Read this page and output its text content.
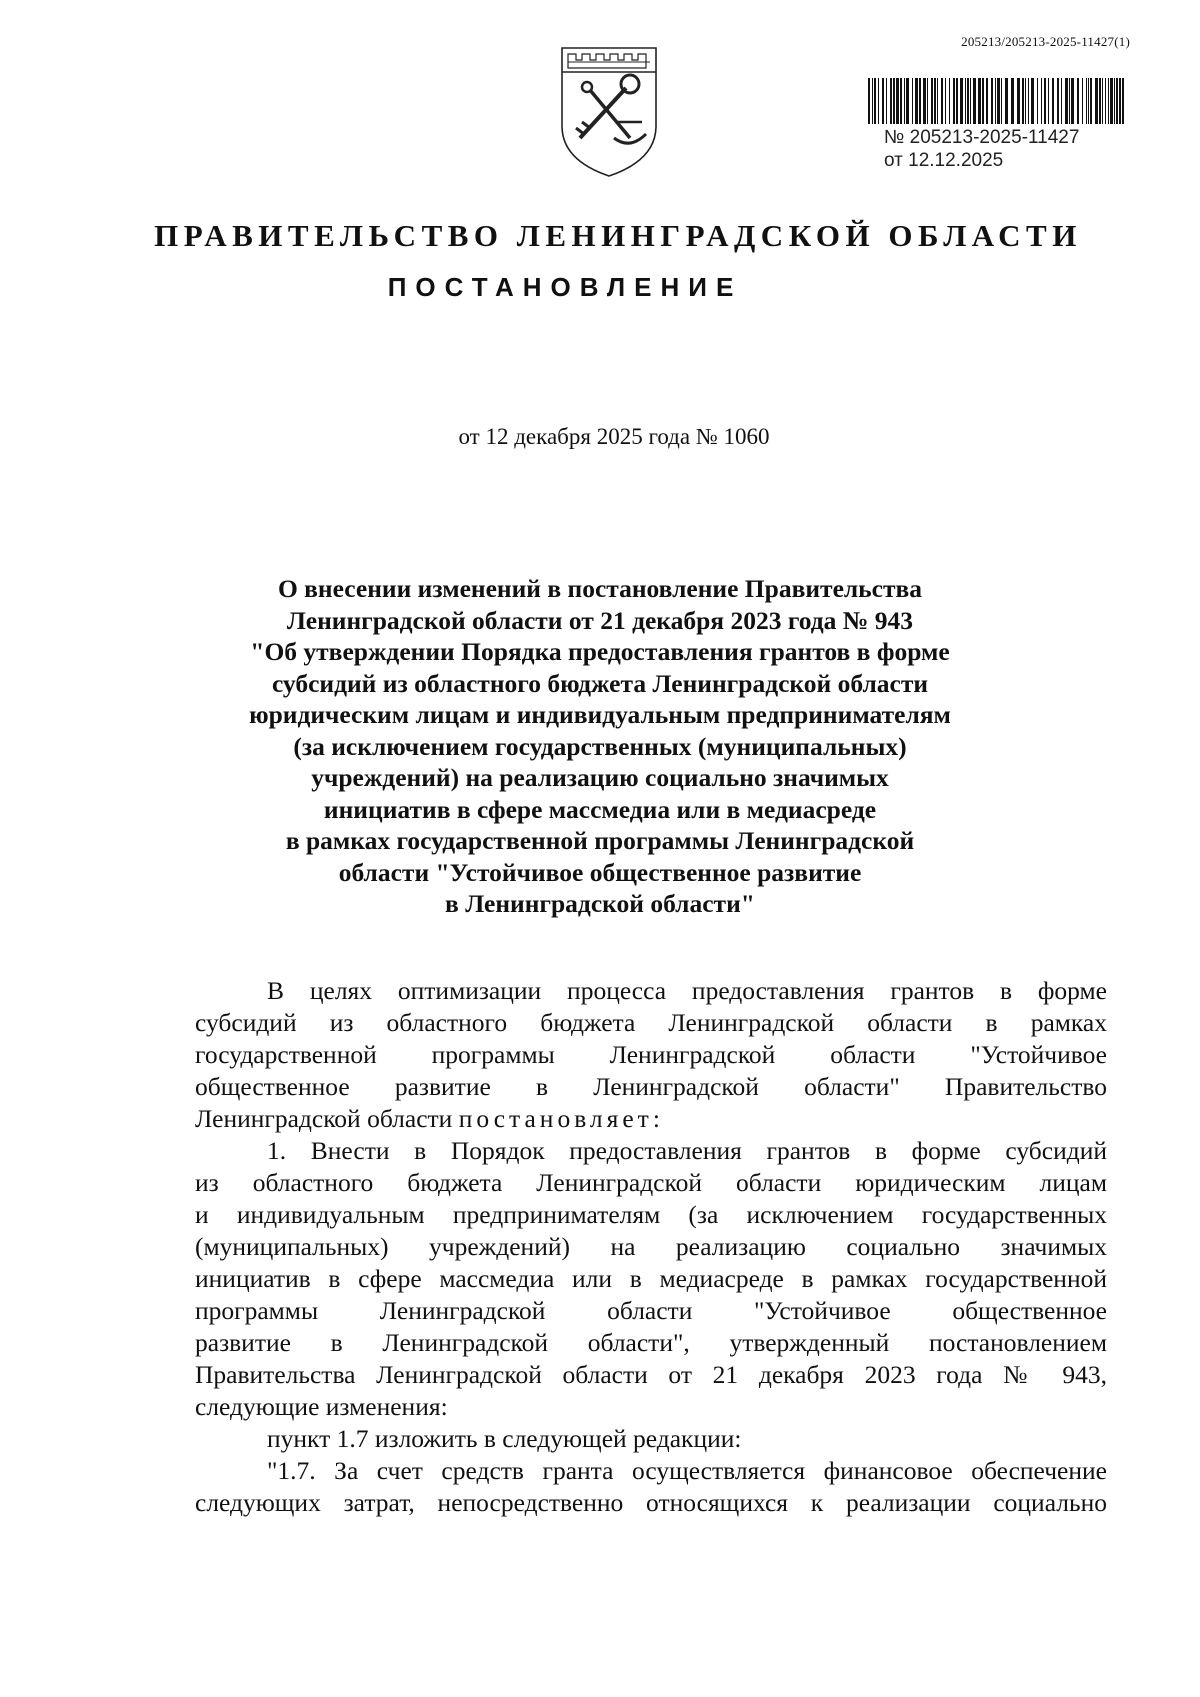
205213/205213-2025-11427(1)
№ 205213-2025-11427
от 12.12.2025
ПРАВИТЕЛЬСТВО ЛЕНИНГРАДСКОЙ ОБЛАСТИ
ПОСТАНОВЛЕНИЕ
от 12 декабря 2025 года № 1060
О внесении изменений в постановление Правительства
Ленинградской области от 21 декабря 2023 года № 943
"Об утверждении Порядка предоставления грантов в форме
субсидий из областного бюджета Ленинградской области
юридическим лицам и индивидуальным предпринимателям
(за исключением государственных (муниципальных)
учреждений) на реализацию социально значимых
инициатив в сфере массмедиа или в медиасреде
в рамках государственной программы Ленинградской
области "Устойчивое общественное развитие
в Ленинградской области"
В целях оптимизации процесса предоставления грантов в форме
субсидий из областного бюджета Ленинградской области в рамках
государственной программы Ленинградской области "Устойчивое
общественное развитие в Ленинградской области" Правительство
Ленинградской области постановляет:
1. Внести в Порядок предоставления грантов в форме субсидий
из областного бюджета Ленинградской области юридическим лицам
и индивидуальным предпринимателям (за исключением государственных
(муниципальных) учреждений) на реализацию социально значимых
инициатив в сфере массмедиа или в медиасреде в рамках государственной
программы Ленинградской области "Устойчивое общественное
развитие в Ленинградской области", утвержденный постановлением
Правительства Ленинградской области от 21 декабря 2023 года № 943,
следующие изменения:
пункт 1.7 изложить в следующей редакции:
"1.7. За счет средств гранта осуществляется финансовое обеспечение
следующих затрат, непосредственно относящихся к реализации социально
